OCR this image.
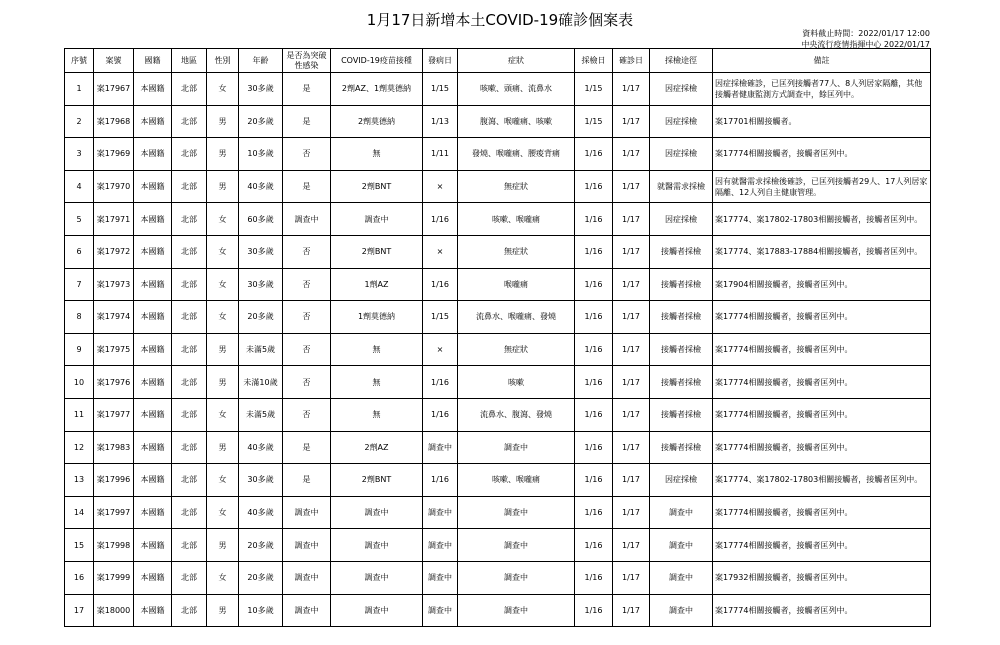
1月17日新增本土COVID-19確診個案表
資料截止時間：2022/01/17 12:00
中央流行疫情指揮中心 2022/01/17
序號	案號	國籍	地區	性別	年齡	是否為突破性感染	COVID-19疫苗接種	發病日	症狀	採檢日	確診日	採檢途徑	備註
1	案17967	本國籍	北部	女	30多歲	是	2劑AZ、1劑莫德納	1/15	咳嗽、頭痛、流鼻水	1/15	1/17	因症採檢	因症採檢確診，已匡列接觸者77人、8人列居家隔離，其他接觸者健康監測方式調查中，餘匡列中。
2	案17968	本國籍	北部	男	20多歲	是	2劑莫德納	1/13	腹瀉、喉嚨痛、咳嗽	1/15	1/17	因症採檢	案17701相關接觸者。
3	案17969	本國籍	北部	男	10多歲	否	無	1/11	發燒、喉嚨痛、腰痠背痛	1/16	1/17	因症採檢	案17774相關接觸者，接觸者匡列中。
4	案17970	本國籍	北部	男	40多歲	是	2劑BNT	×	無症狀	1/16	1/17	就醫需求採檢	因有就醫需求採檢後確診，已匡列接觸者29人、17人列居家隔離、12人列自主健康管理。
5	案17971	本國籍	北部	女	60多歲	調查中	調查中	1/16	咳嗽、喉嚨痛	1/16	1/17	因症採檢	案17774、案17802-17803相關接觸者，接觸者匡列中。
6	案17972	本國籍	北部	女	30多歲	否	2劑BNT	×	無症狀	1/16	1/17	接觸者採檢	案17774、案17883-17884相關接觸者，接觸者匡列中。
7	案17973	本國籍	北部	女	30多歲	否	1劑AZ	1/16	喉嚨痛	1/16	1/17	接觸者採檢	案17904相關接觸者，接觸者匡列中。
8	案17974	本國籍	北部	女	20多歲	否	1劑莫德納	1/15	流鼻水、喉嚨痛、發燒	1/16	1/17	接觸者採檢	案17774相關接觸者，接觸者匡列中。
9	案17975	本國籍	北部	男	未滿5歲	否	無	×	無症狀	1/16	1/17	接觸者採檢	案17774相關接觸者，接觸者匡列中。
10	案17976	本國籍	北部	男	未滿10歲	否	無	1/16	咳嗽	1/16	1/17	接觸者採檢	案17774相關接觸者，接觸者匡列中。
11	案17977	本國籍	北部	女	未滿5歲	否	無	1/16	流鼻水、腹瀉、發燒	1/16	1/17	接觸者採檢	案17774相關接觸者，接觸者匡列中。
12	案17983	本國籍	北部	男	40多歲	是	2劑AZ	調查中	調查中	1/16	1/17	接觸者採檢	案17774相關接觸者，接觸者匡列中。
13	案17996	本國籍	北部	女	30多歲	是	2劑BNT	1/16	咳嗽、喉嚨痛	1/16	1/17	因症採檢	案17774、案17802-17803相關接觸者，接觸者匡列中。
14	案17997	本國籍	北部	女	40多歲	調查中	調查中	調查中	調查中	1/16	1/17	調查中	案17774相關接觸者，接觸者匡列中。
15	案17998	本國籍	北部	男	20多歲	調查中	調查中	調查中	調查中	1/16	1/17	調查中	案17774相關接觸者，接觸者匡列中。
16	案17999	本國籍	北部	女	20多歲	調查中	調查中	調查中	調查中	1/16	1/17	調查中	案17932相關接觸者，接觸者匡列中。
17	案18000	本國籍	北部	男	10多歲	調查中	調查中	調查中	調查中	1/16	1/17	調查中	案17774相關接觸者，接觸者匡列中。
